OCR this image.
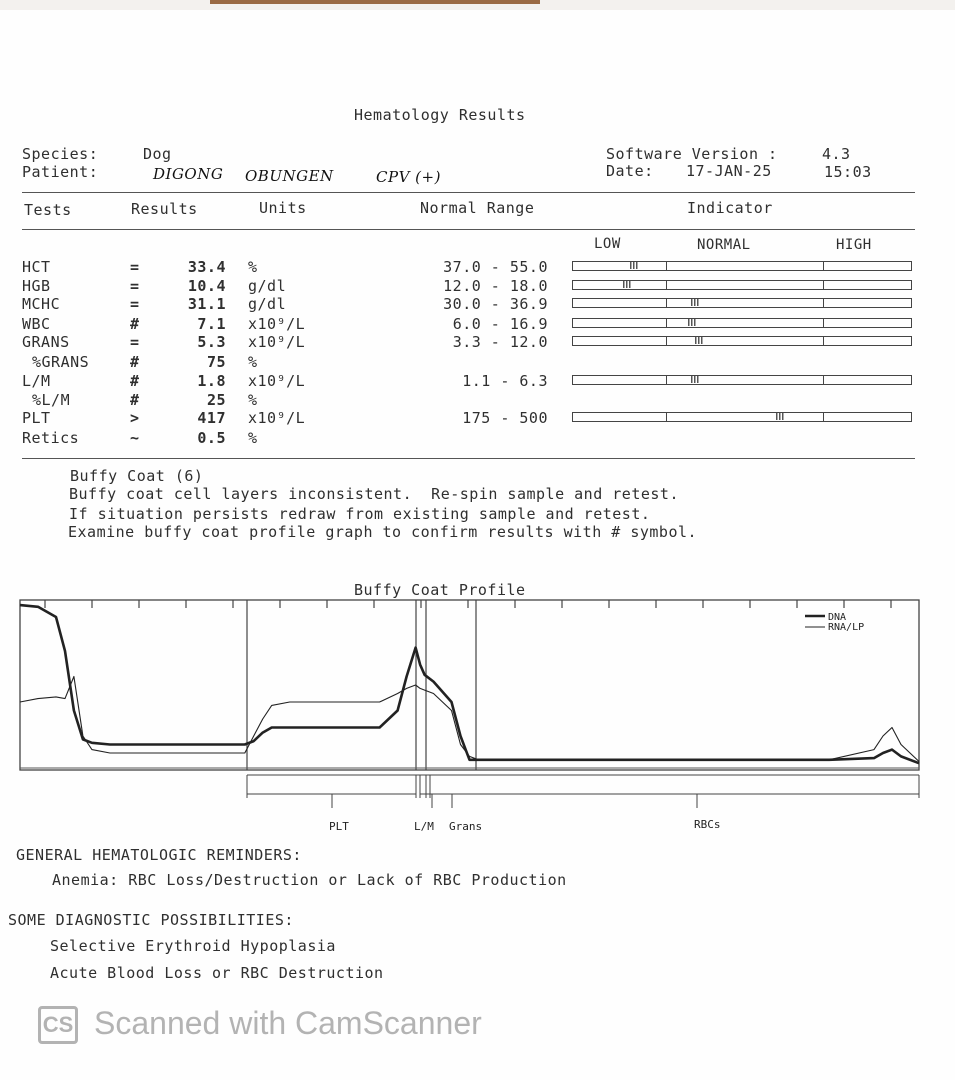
Hematology Results
Species:	Dog
Patient:	DIGONG OBUNGEN	CPV (+)
Software Version :	4.3
Date: 17-JAN-25	15:03
Tests	Results	Units	Normal Range	Indicator
LOW	NORMAL	HIGH
HCT	=	33.4 %	37.0 - 55.0
HGB	=	10.4 g/dl	12.0 - 18.0
MCHC	=	31.1 g/dl	30.0 - 36.9
WBC	#	7.1 x10⁹/L	6.0 - 16.9
GRANS	=	5.3 x10⁹/L	3.3 - 12.0
%GRANS	#	75 %
L/M	#	1.8 x10⁹/L	1.1 - 6.3
%L/M	#	25 %
PLT	>	417 x10⁹/L	175 - 500
Retics	~	0.5 %
Buffy Coat (6)
Buffy coat cell layers inconsistent.  Re-spin sample and retest.
If situation persists redraw from existing sample and retest.
Examine buffy coat profile graph to confirm results with # symbol.
Buffy Coat Profile
DNA
RNA/LP
PLT	L/M Grans	RBCs
GENERAL HEMATOLOGIC REMINDERS:
Anemia: RBC Loss/Destruction or Lack of RBC Production
SOME DIAGNOSTIC POSSIBILITIES:
Selective Erythroid Hypoplasia
Acute Blood Loss or RBC Destruction
CS Scanned with CamScanner
